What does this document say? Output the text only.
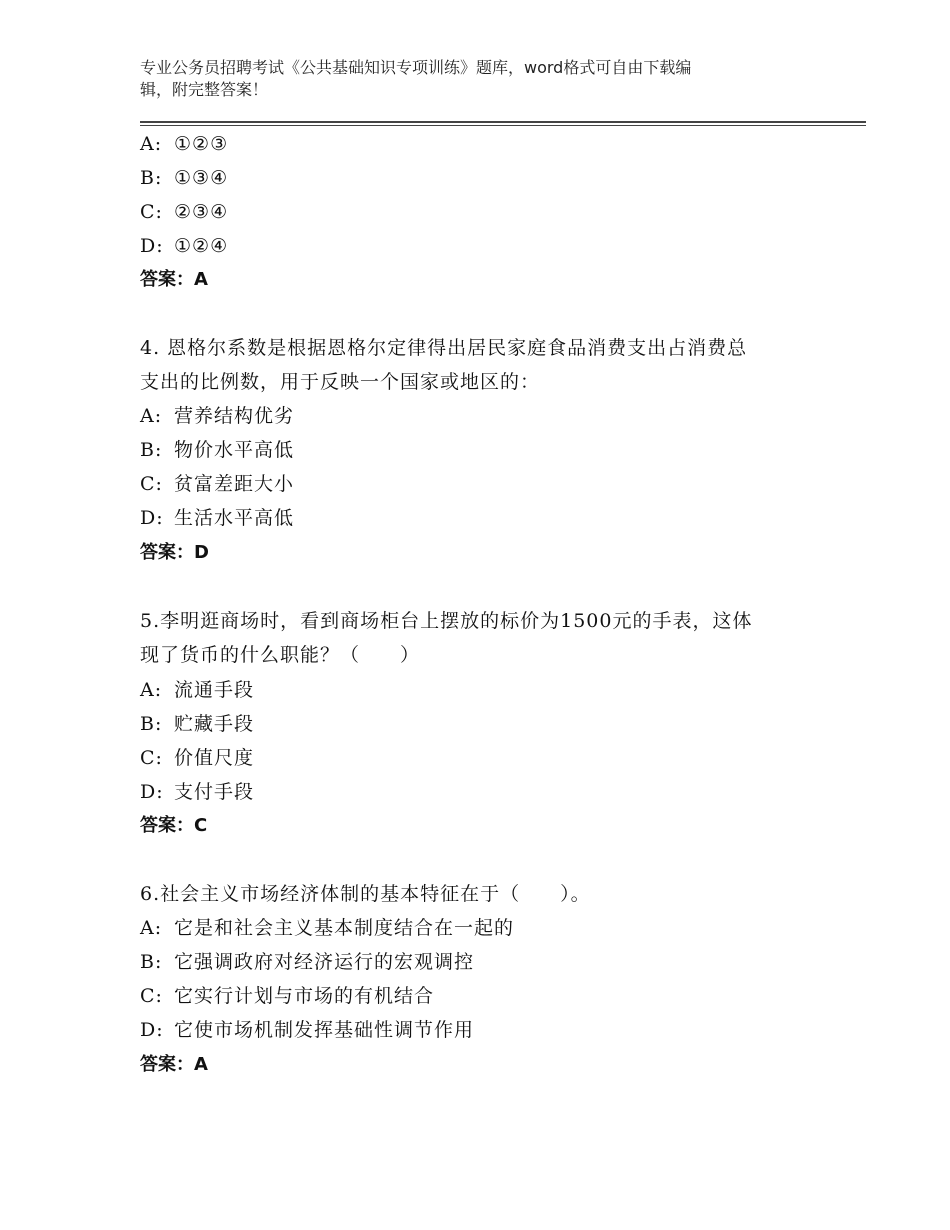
专业公务员招聘考试《公共基础知识专项训练》题库，word格式可自由下载编
辑，附完整答案！
A: ①②③
B: ①③④
C: ②③④
D: ①②④
答案：A
4. 恩格尔系数是根据恩格尔定律得出居民家庭食品消费支出占消费总
支出的比例数，用于反映一个国家或地区的：
A: 营养结构优劣
B: 物价水平高低
C: 贫富差距大小
D: 生活水平高低
答案：D
5.李明逛商场时，看到商场柜台上摆放的标价为1500元的手表，这体
现了货币的什么职能？（　　）
A: 流通手段
B: 贮藏手段
C: 价值尺度
D: 支付手段
答案：C
6.社会主义市场经济体制的基本特征在于（　　）。
A: 它是和社会主义基本制度结合在一起的
B: 它强调政府对经济运行的宏观调控
C: 它实行计划与市场的有机结合
D: 它使市场机制发挥基础性调节作用
答案：A
